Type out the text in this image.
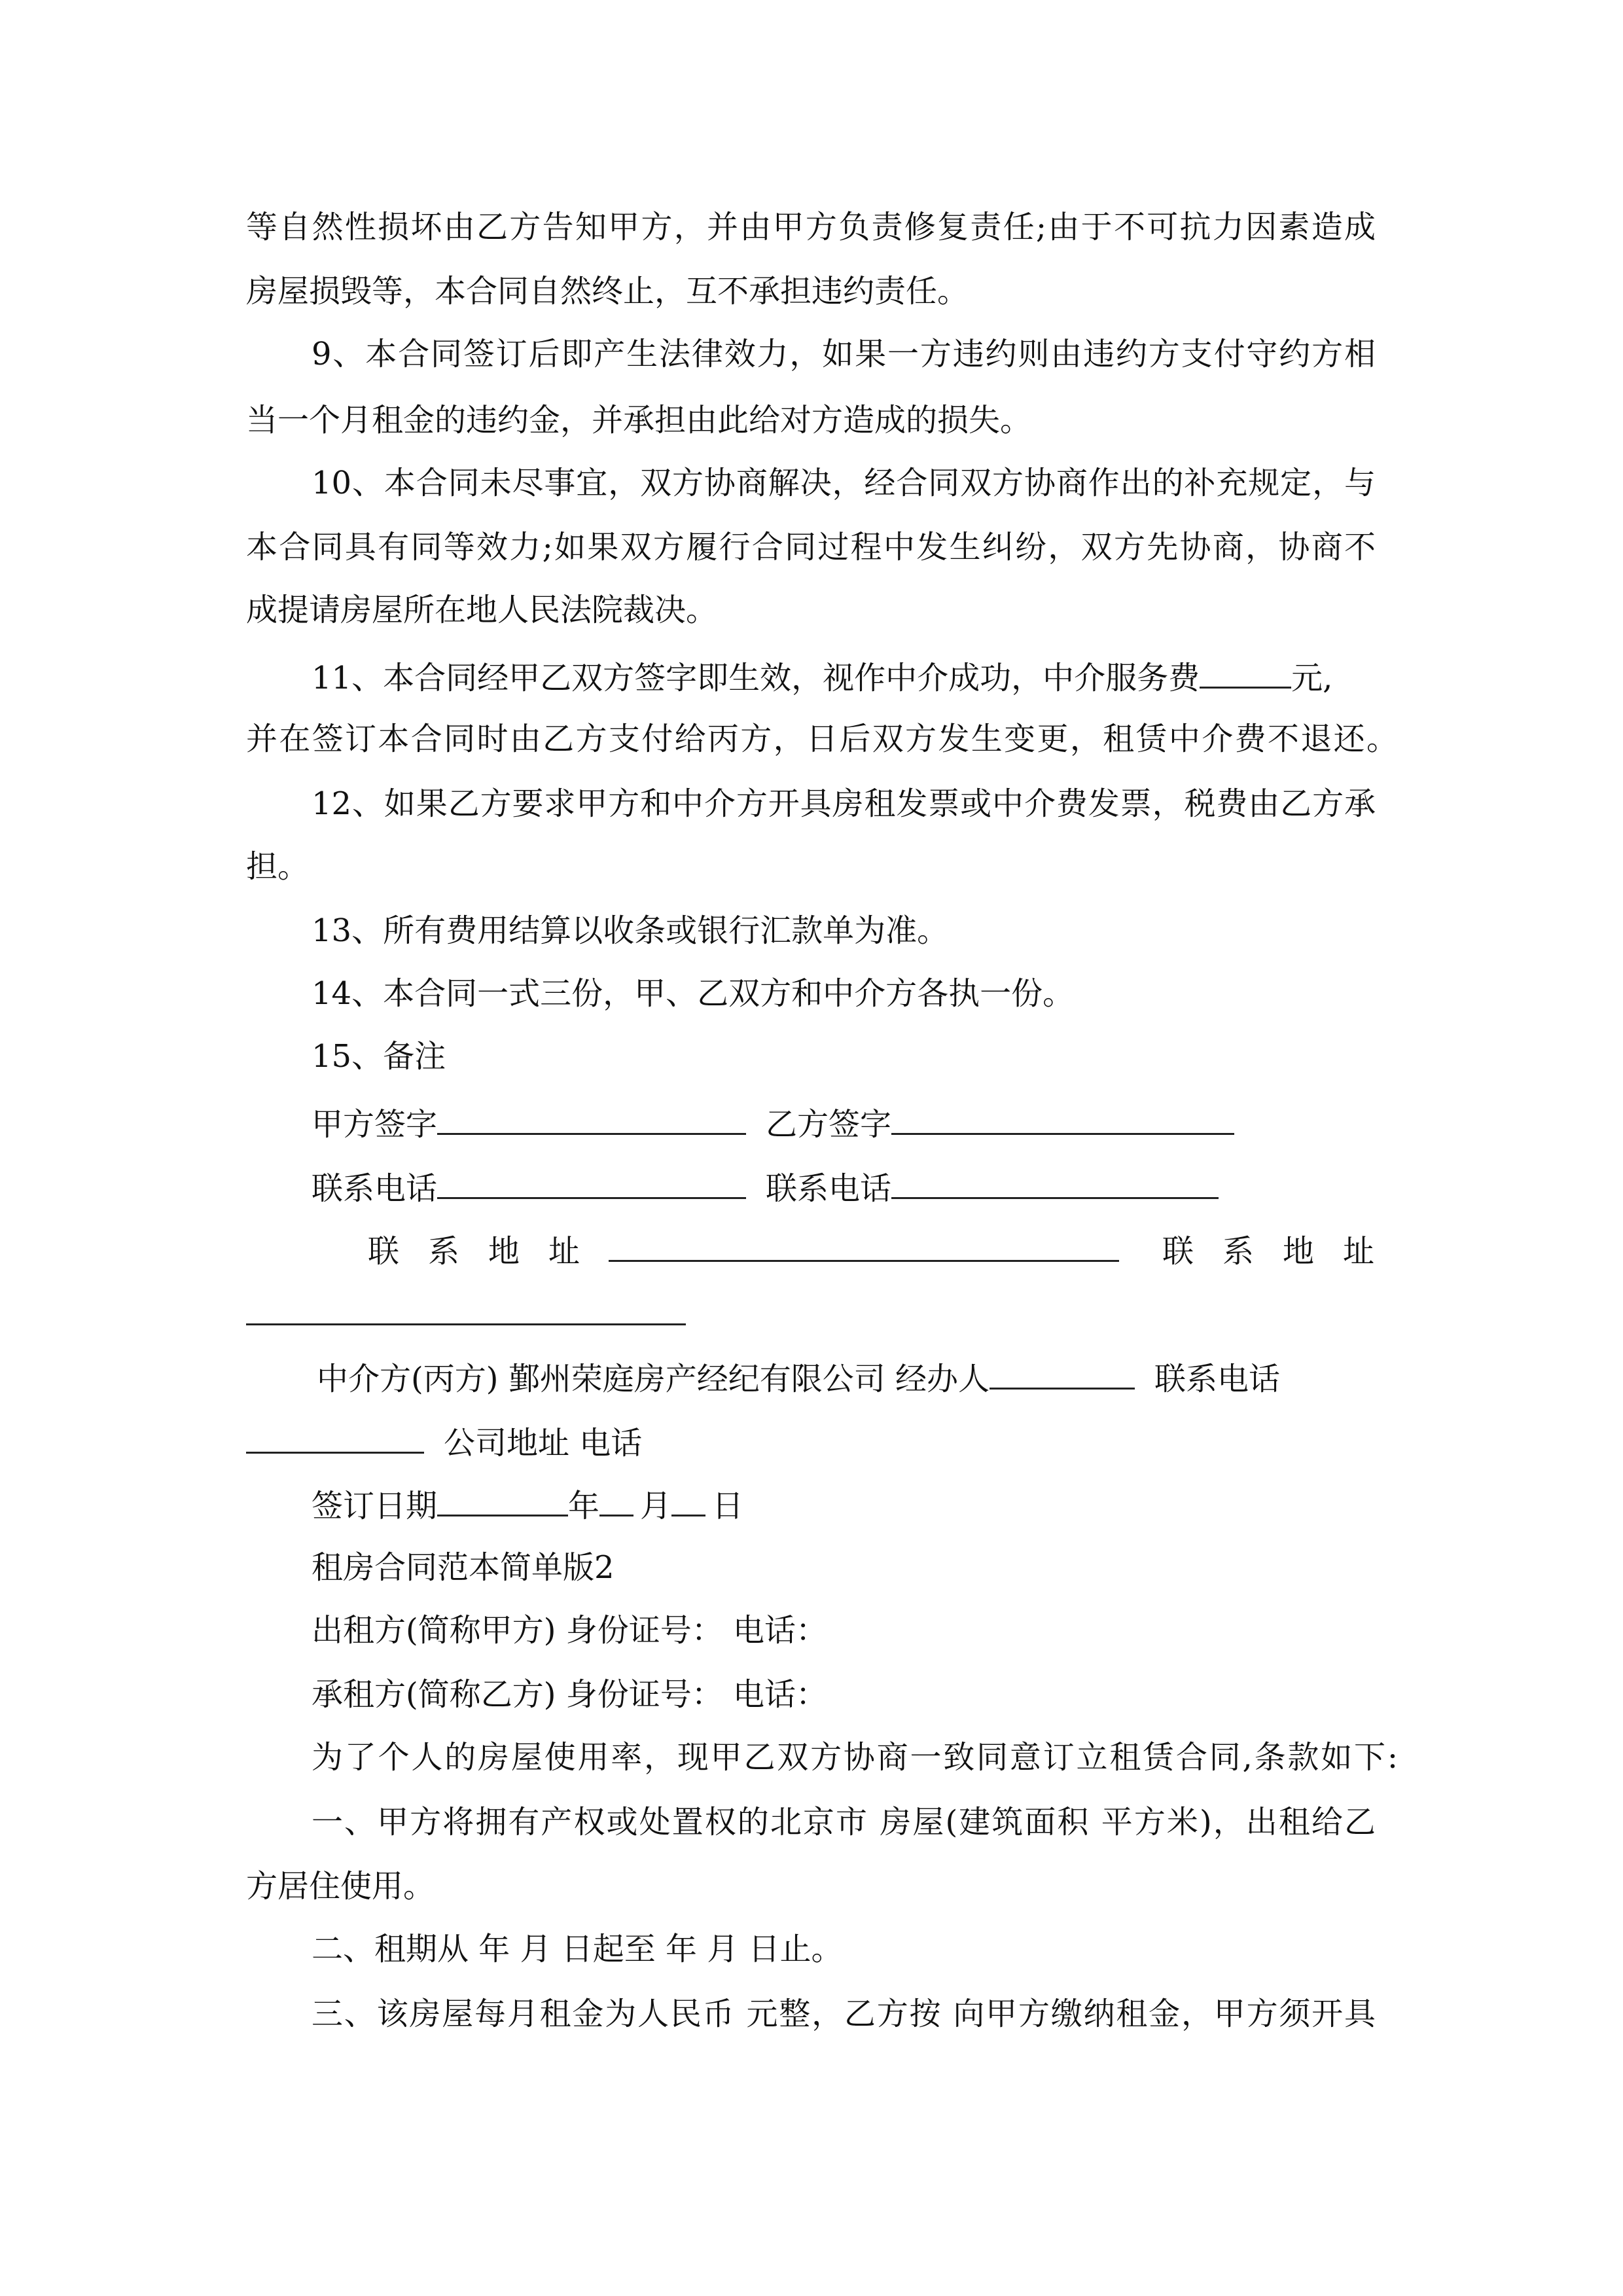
等自然性损坏由乙方告知甲方，并由甲方负责修复责任;由于不可抗力因素造成
房屋损毁等，本合同自然终止，互不承担违约责任。
9、本合同签订后即产生法律效力，如果一方违约则由违约方支付守约方相
当一个月租金的违约金，并承担由此给对方造成的损失。
10、本合同未尽事宜，双方协商解决，经合同双方协商作出的补充规定，与
本合同具有同等效力;如果双方履行合同过程中发生纠纷，双方先协商，协商不
成提请房屋所在地人民法院裁决。
11、本合同经甲乙双方签字即生效，视作中介成功，中介服务费	元,
并在签订本合同时由乙方支付给丙方，日后双方发生变更，租赁中介费不退还。
12、如果乙方要求甲方和中介方开具房租发票或中介费发票，税费由乙方承
担。
13、所有费用结算以收条或银行汇款单为准。
14、本合同一式三份，甲、乙双方和中介方各执一份。
15、备注
甲方签字	乙方签字
联系电话	联系电话
联系地址	联系地址
中介方(丙方) 鄞州荣庭房产经纪有限公司 经办人	联系电话
公司地址 电话
签订日期	年 月 日
租房合同范本简单版2
出租方(简称甲方) 身份证号： 电话：
承租方(简称乙方) 身份证号： 电话：
为了个人的房屋使用率，现甲乙双方协商一致同意订立租赁合同,条款如下:
一、甲方将拥有产权或处置权的北京市 房屋(建筑面积 平方米)，出租给乙
方居住使用。
二、租期从 年 月 日起至 年 月 日止。
三、该房屋每月租金为人民币 元整，乙方按 向甲方缴纳租金，甲方须开具
